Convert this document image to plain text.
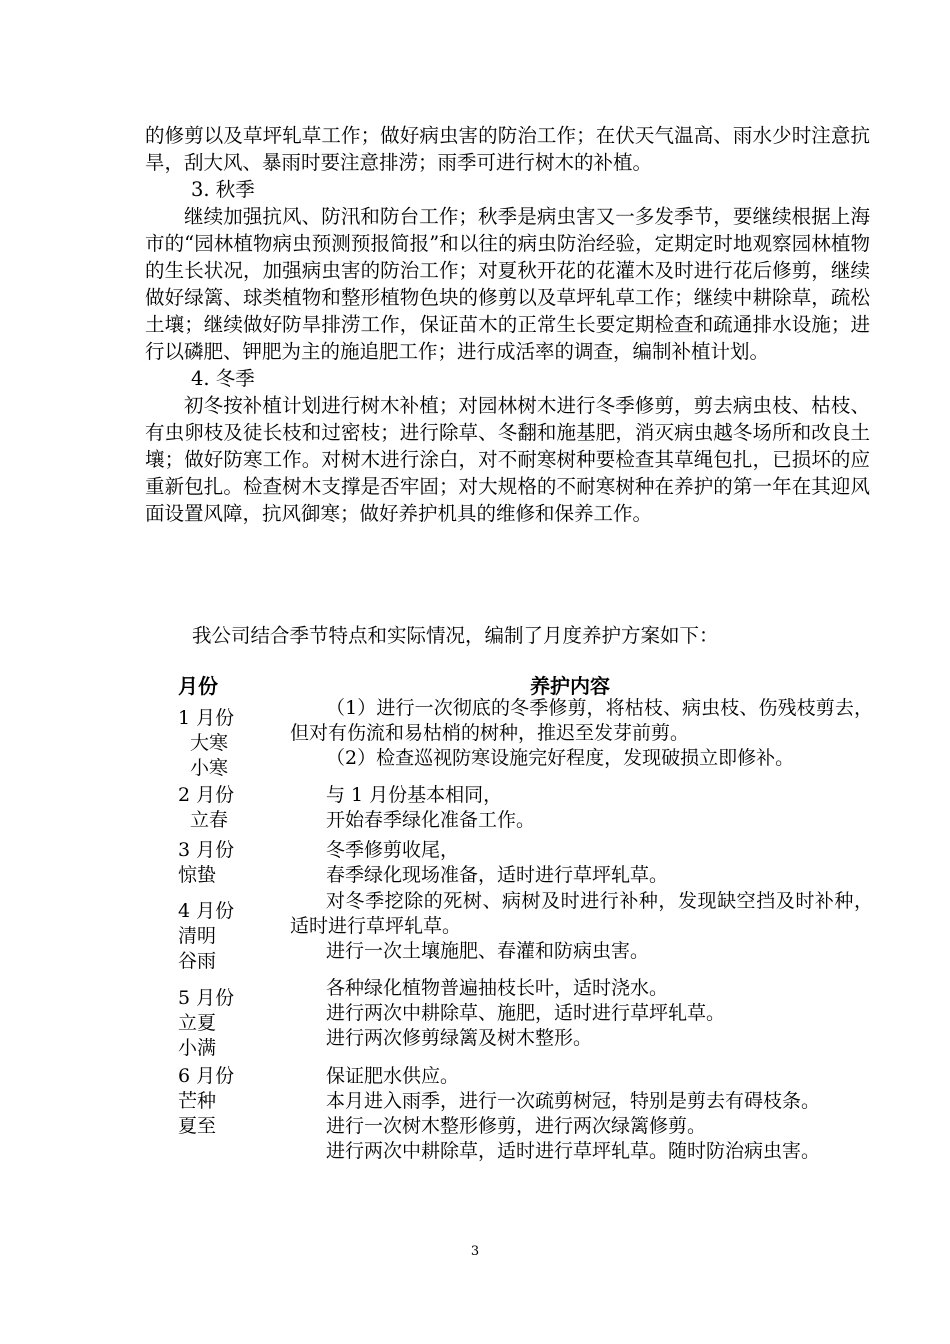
的修剪以及草坪轧草工作；做好病虫害的防治工作；在伏天气温高、雨水少时注意抗旱，刮大风、暴雨时要注意排涝；雨季可进行树木的补植。

3. 秋季

继续加强抗风、防汛和防台工作；秋季是病虫害又一多发季节，要继续根据上海市的“园林植物病虫预测预报简报”和以往的病虫防治经验，定期定时地观察园林植物的生长状况，加强病虫害的防治工作；对夏秋开花的花灌木及时进行花后修剪，继续做好绿篱、球类植物和整形植物色块的修剪以及草坪轧草工作；继续中耕除草，疏松土壤；继续做好防旱排涝工作，保证苗木的正常生长要定期检查和疏通排水设施；进行以磷肥、钾肥为主的施追肥工作；进行成活率的调查，编制补植计划。

4. 冬季

初冬按补植计划进行树木补植；对园林树木进行冬季修剪，剪去病虫枝、枯枝、有虫卵枝及徒长枝和过密枝；进行除草、冬翻和施基肥，消灭病虫越冬场所和改良土壤；做好防寒工作。对树木进行涂白，对不耐寒树种要检查其草绳包扎，已损坏的应重新包扎。检查树木支撑是否牢固；对大规格的不耐寒树种在养护的第一年在其迎风面设置风障，抗风御寒；做好养护机具的维修和保养工作。

我公司结合季节特点和实际情况，编制了月度养护方案如下：

月份	养护内容
1 月份
大寒
小寒

（1）进行一次彻底的冬季修剪，将枯枝、病虫枝、伤残枝剪去，但对有伤流和易枯梢的树种，推迟至发芽前剪。

（2）检查巡视防寒设施完好程度，发现破损立即修补。

2 月份
立春

与 1 月份基本相同，

开始春季绿化准备工作。

3 月份
惊蛰

冬季修剪收尾，

春季绿化现场准备，适时进行草坪轧草。

4 月份
清明
谷雨

对冬季挖除的死树、病树及时进行补种，发现缺空挡及时补种，适时进行草坪轧草。

进行一次土壤施肥、春灌和防病虫害。

5 月份
立夏
小满

各种绿化植物普遍抽枝长叶，适时浇水。

进行两次中耕除草、施肥，适时进行草坪轧草。

进行两次修剪绿篱及树木整形。

6 月份
芒种
夏至

保证肥水供应。

本月进入雨季，进行一次疏剪树冠，特别是剪去有碍枝条。

进行一次树木整形修剪，进行两次绿篱修剪。

进行两次中耕除草，适时进行草坪轧草。随时防治病虫害。

3
